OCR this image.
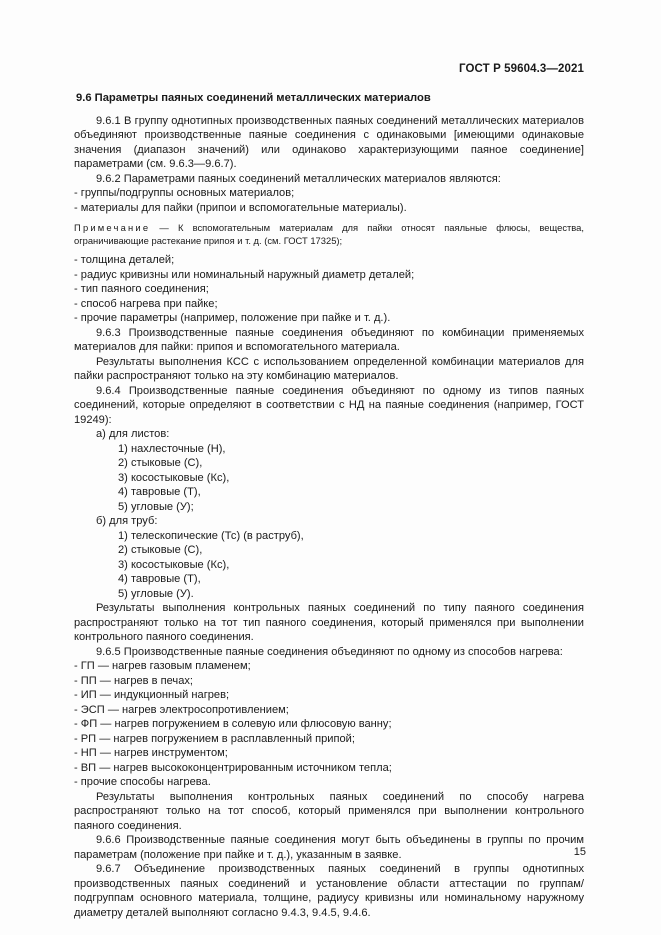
ГОСТ Р 59604.3—2021
9.6 Параметры паяных соединений металлических материалов

9.6.1 В группу однотипных производственных паяных соединений металлических материалов объединяют производственные паяные соединения с одинаковыми [имеющими одинаковые значения (диапазон значений) или одинаково характеризующими паяное соединение] параметрами (см. 9.6.3—9.6.7).

9.6.2 Параметрами паяных соединений металлических материалов являются:

- группы/подгруппы основных материалов;

- материалы для пайки (припои и вспомогательные материалы).

Примечание — К вспомогательным материалам для пайки относят паяльные флюсы, вещества, ограничивающие растекание припоя и т. д. (см. ГОСТ 17325);

- толщина деталей;

- радиус кривизны или номинальный наружный диаметр деталей;

- тип паяного соединения;

- способ нагрева при пайке;

- прочие параметры (например, положение при пайке и т. д.).

9.6.3 Производственные паяные соединения объединяют по комбинации применяемых материалов для пайки: припоя и вспомогательного материала.

Результаты выполнения КСС с использованием определенной комбинации материалов для пайки распространяют только на эту комбинацию материалов.

9.6.4 Производственные паяные соединения объединяют по одному из типов паяных соединений, которые определяют в соответствии с НД на паяные соединения (например, ГОСТ 19249):

а) для листов:

1) нахлесточные (Н),

2) стыковые (С),

3) косостыковые (Кс),

4) тавровые (Т),

5) угловые (У);

б) для труб:

1) телескопические (Тс) (в раструб),

2) стыковые (С),

3) косостыковые (Кс),

4) тавровые (Т),

5) угловые (У).

Результаты выполнения контрольных паяных соединений по типу паяного соединения распространяют только на тот тип паяного соединения, который применялся при выполнении контрольного паяного соединения.

9.6.5 Производственные паяные соединения объединяют по одному из способов нагрева:

- ГП — нагрев газовым пламенем;

- ПП — нагрев в печах;

- ИП — индукционный нагрев;

- ЭСП — нагрев электросопротивлением;

- ФП — нагрев погружением в солевую или флюсовую ванну;

- РП — нагрев погружением в расплавленный припой;

- НП — нагрев инструментом;

- ВП — нагрев высококонцентрированным источником тепла;

- прочие способы нагрева.

Результаты выполнения контрольных паяных соединений по способу нагрева распространяют только на тот способ, который применялся при выполнении контрольного паяного соединения.

9.6.6 Производственные паяные соединения могут быть объединены в группы по прочим параметрам (положение при пайке и т. д.), указанным в заявке.

9.6.7 Объединение производственных паяных соединений в группы однотипных производственных паяных соединений и установление области аттестации по группам/подгруппам основного материала, толщине, радиусу кривизны или номинальному наружному диаметру деталей выполняют согласно 9.4.3, 9.4.5, 9.4.6.

15
